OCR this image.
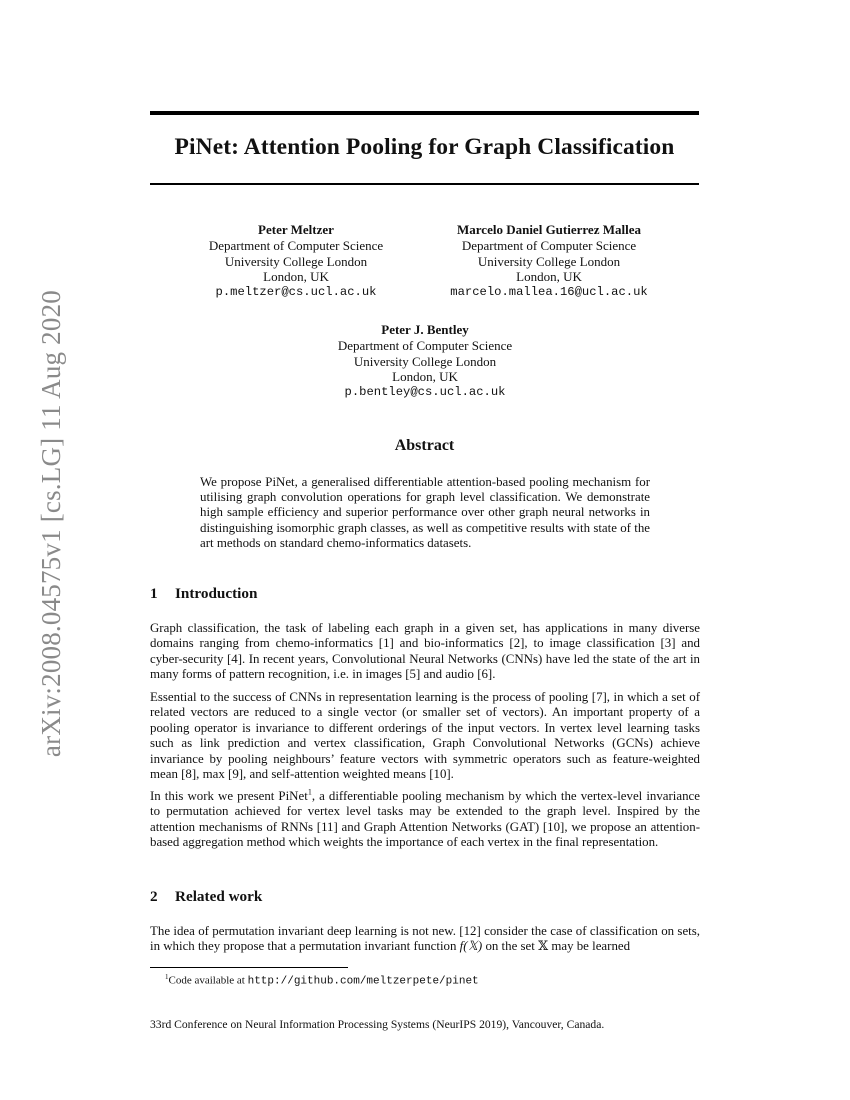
arXiv:2008.04575v1 [cs.LG] 11 Aug 2020
PiNet: Attention Pooling for Graph Classification
Peter Meltzer
Department of Computer Science
University College London
London, UK
p.meltzer@cs.ucl.ac.uk
Marcelo Daniel Gutierrez Mallea
Department of Computer Science
University College London
London, UK
marcelo.mallea.16@ucl.ac.uk
Peter J. Bentley
Department of Computer Science
University College London
London, UK
p.bentley@cs.ucl.ac.uk
Abstract
We propose PiNet, a generalised differentiable attention-based pooling mechanism for utilising graph convolution operations for graph level classification. We demonstrate high sample efficiency and superior performance over other graph neural networks in distinguishing isomorphic graph classes, as well as competitive results with state of the art methods on standard chemo-informatics datasets.
1 Introduction

Graph classification, the task of labeling each graph in a given set, has applications in many diverse domains ranging from chemo-informatics [1] and bio-informatics [2], to image classification [3] and cyber-security [4]. In recent years, Convolutional Neural Networks (CNNs) have led the state of the art in many forms of pattern recognition, i.e. in images [5] and audio [6].

Essential to the success of CNNs in representation learning is the process of pooling [7], in which a set of related vectors are reduced to a single vector (or smaller set of vectors). An important property of a pooling operator is invariance to different orderings of the input vectors. In vertex level learning tasks such as link prediction and vertex classification, Graph Convolutional Networks (GCNs) achieve invariance by pooling neighbours’ feature vectors with symmetric operators such as feature-weighted mean [8], max [9], and self-attention weighted means [10].

In this work we present PiNet$^1$, a differentiable pooling mechanism by which the vertex-level invariance to permutation achieved for vertex level tasks may be extended to the graph level. Inspired by the attention mechanisms of RNNs [11] and Graph Attention Networks (GAT) [10], we propose an attention-based aggregation method which weights the importance of each vertex in the final representation.

2 Related work

The idea of permutation invariant deep learning is not new. [12] consider the case of classification on sets, in which they propose that a permutation invariant function f(𝕏) on the set 𝕏 may be learned

$^1$Code available at http://github.com/meltzerpete/pinet
33rd Conference on Neural Information Processing Systems (NeurIPS 2019), Vancouver, Canada.
